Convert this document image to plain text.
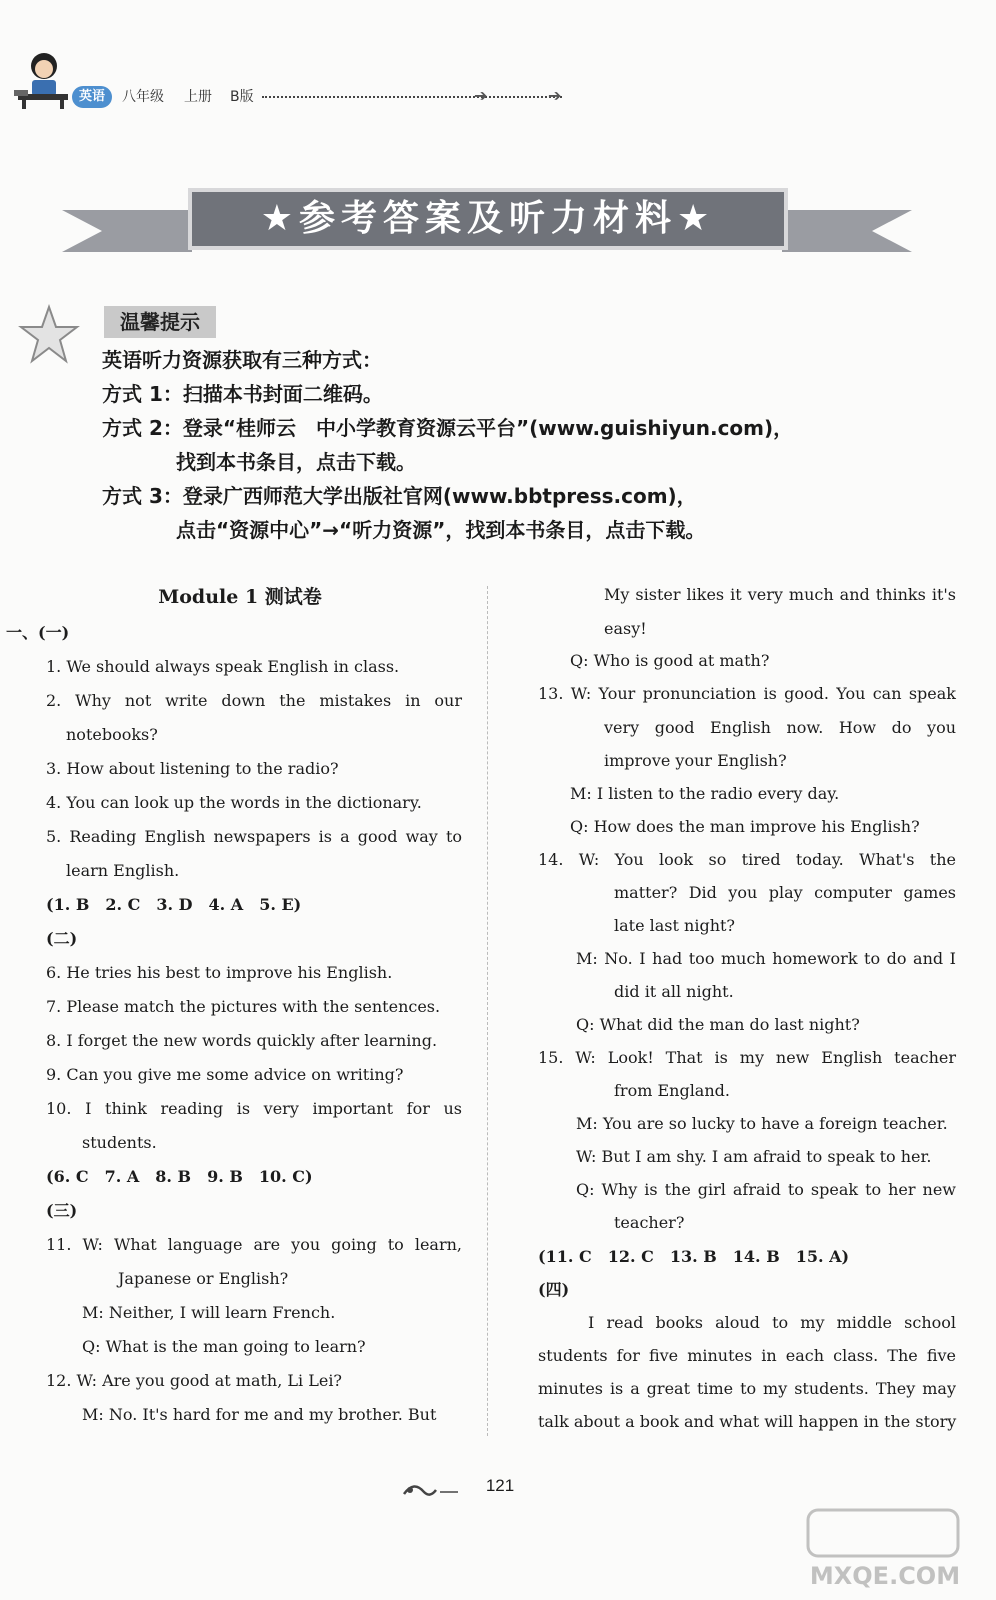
英语	八年级 上册 B版	➔	➔
★参考答案及听力材料★
温馨提示
英语听力资源获取有三种方式：
方式 1：扫描本书封面二维码。
方式 2：登录“桂师云　中小学教育资源云平台”(www.guishiyun.com)，
找到本书条目，点击下载。
方式 3：登录广西师范大学出版社官网(www.bbtpress.com)，
点击“资源中心”→“听力资源”，找到本书条目，点击下载。
Module 1 测试卷
一、(一)
1. We should always speak English in class.
2. Why not write down the mistakes in our
notebooks?
3. How about listening to the radio?
4. You can look up the words in the dictionary.
5. Reading English newspapers is a good way to
learn English.
(1. B　2. C　3. D　4. A　5. E)
(二)
6. He tries his best to improve his English.
7. Please match the pictures with the sentences.
8. I forget the new words quickly after learning.
9. Can you give me some advice on writing?
10. I think reading is very important for us
students.
(6. C　7. A　8. B　9. B　10. C)
(三)
11. W: What language are you going to learn,
Japanese or English?
M: Neither, I will learn French.
Q: What is the man going to learn?
12. W: Are you good at math, Li Lei?
M: No. It's hard for me and my brother. But
My sister likes it very much and thinks it's
easy!
Q: Who is good at math?
13. W: Your pronunciation is good. You can speak
very good English now. How do you
improve your English?
M: I listen to the radio every day.
Q: How does the man improve his English?
14. W: You look so tired today. What's the
matter? Did you play computer games
late last night?
M: No. I had too much homework to do and I
did it all night.
Q: What did the man do last night?
15. W: Look! That is my new English teacher
from England.
M: You are so lucky to have a foreign teacher.
W: But I am shy. I am afraid to speak to her.
Q: Why is the girl afraid to speak to her new
teacher?
(11. C　12. C　13. B　14. B　15. A)
(四)
I read books aloud to my middle school
students for five minutes in each class. The five
minutes is a great time to my students. They may
talk about a book and what will happen in the story
121
MXQE.COM
